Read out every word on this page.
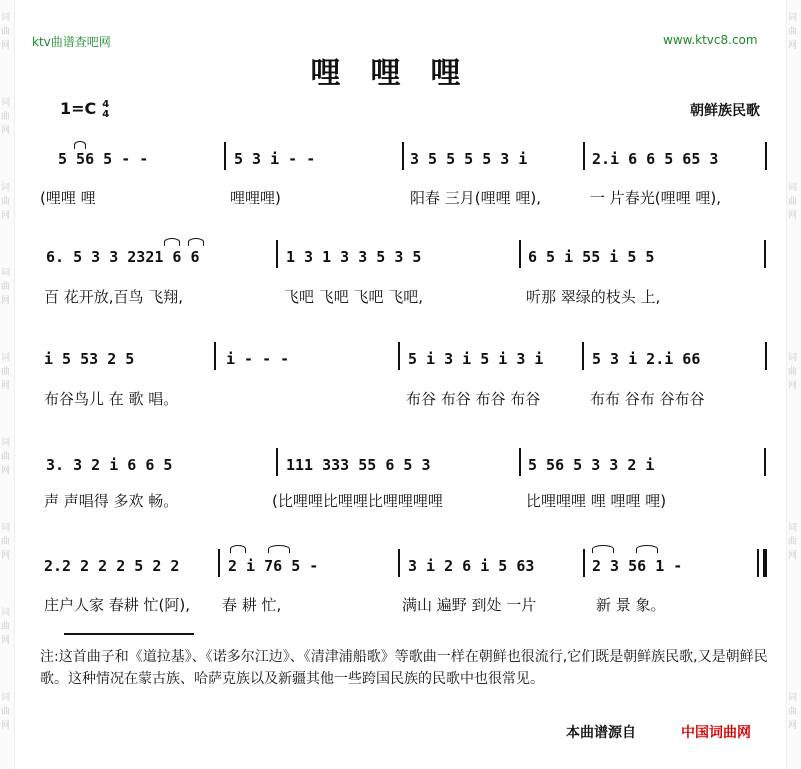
词
曲
网
词
曲
网
词
曲
网
词
曲
网
词
曲
网
词
曲
网
词
曲
网
词
曲
网
词
曲
网
词
曲
网
词
曲
网
词
曲
网
词
曲
网
词
曲
网
ktv曲谱查吧网	www.ktvc8.com
哩哩哩
1=C 4
4	朝鲜族民歌
5 56 5 - -	5 3 i - -	3 5 5 5 5 3 i	2.i 6 6 5 65 3
(哩哩 哩	哩哩哩)	阳春 三月(哩哩 哩),	一 片春光(哩哩 哩),
6. 5 3 3 2321 6 6	1 3 1 3 3 5 3 5	6 5 i 55 i 5 5
百 花开放,百鸟 飞翔,	飞吧 飞吧 飞吧 飞吧,	听那 翠绿的枝头 上,
i 5 53 2 5	i - - -	5 i 3 i 5 i 3 i	5 3 i 2.i 66
布谷鸟儿 在 歌 唱。	布谷 布谷 布谷 布谷	布布 谷布 谷布谷
3. 3 2 i 6 6 5	111 333 55 6 5 3	5 56 5 3 3 2 i
声 声唱得 多欢 畅。	(比哩哩比哩哩比哩哩哩哩	比哩哩哩 哩 哩哩 哩)
2.2 2 2 2 5 2 2	2 i 76 5 -	3 i 2 6 i 5 63	2 3 56 1 -
庄户人家 春耕 忙(阿), 春 耕 忙,	满山 遍野 到处 一片	新 景 象。
注:这首曲子和《道拉基》、《诺多尔江边》、《清津浦船歌》等歌曲一样在朝鲜也很流行,它们既是朝鲜族民歌,又是朝鲜民歌。这种情况在蒙古族、哈萨克族以及新疆其他一些跨国民族的民歌中也很常见。
本曲谱源自	中国词曲网
